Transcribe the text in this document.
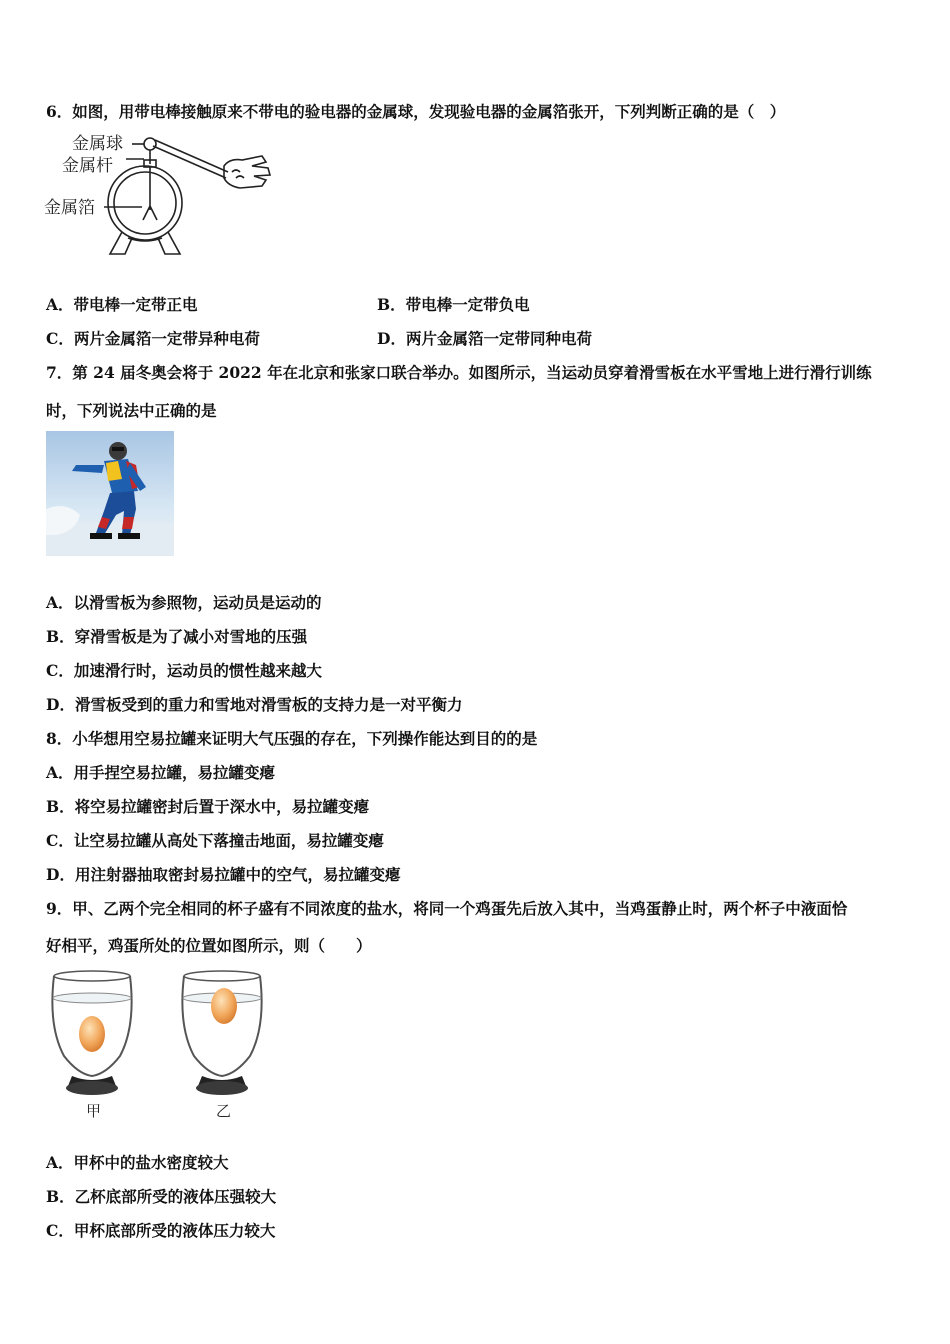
6．如图，用带电棒接触原来不带电的验电器的金属球，发现验电器的金属箔张开，下列判断正确的是（　）
金属球
金属杆
金属箔
A．带电棒一定带正电	B．带电棒一定带负电
C．两片金属箔一定带异种电荷	D．两片金属箔一定带同种电荷
7．第 24 届冬奥会将于 2022 年在北京和张家口联合举办。如图所示，当运动员穿着滑雪板在水平雪地上进行滑行训练
时，下列说法中正确的是
A．以滑雪板为参照物，运动员是运动的
B．穿滑雪板是为了减小对雪地的压强
C．加速滑行时，运动员的惯性越来越大
D．滑雪板受到的重力和雪地对滑雪板的支持力是一对平衡力
8．小华想用空易拉罐来证明大气压强的存在，下列操作能达到目的的是
A．用手捏空易拉罐，易拉罐变瘪
B．将空易拉罐密封后置于深水中，易拉罐变瘪
C．让空易拉罐从高处下落撞击地面，易拉罐变瘪
D．用注射器抽取密封易拉罐中的空气，易拉罐变瘪
9．甲、乙两个完全相同的杯子盛有不同浓度的盐水，将同一个鸡蛋先后放入其中，当鸡蛋静止时，两个杯子中液面恰
好相平，鸡蛋所处的位置如图所示，则（　　）
甲	乙
A．甲杯中的盐水密度较大
B．乙杯底部所受的液体压强较大
C．甲杯底部所受的液体压力较大
